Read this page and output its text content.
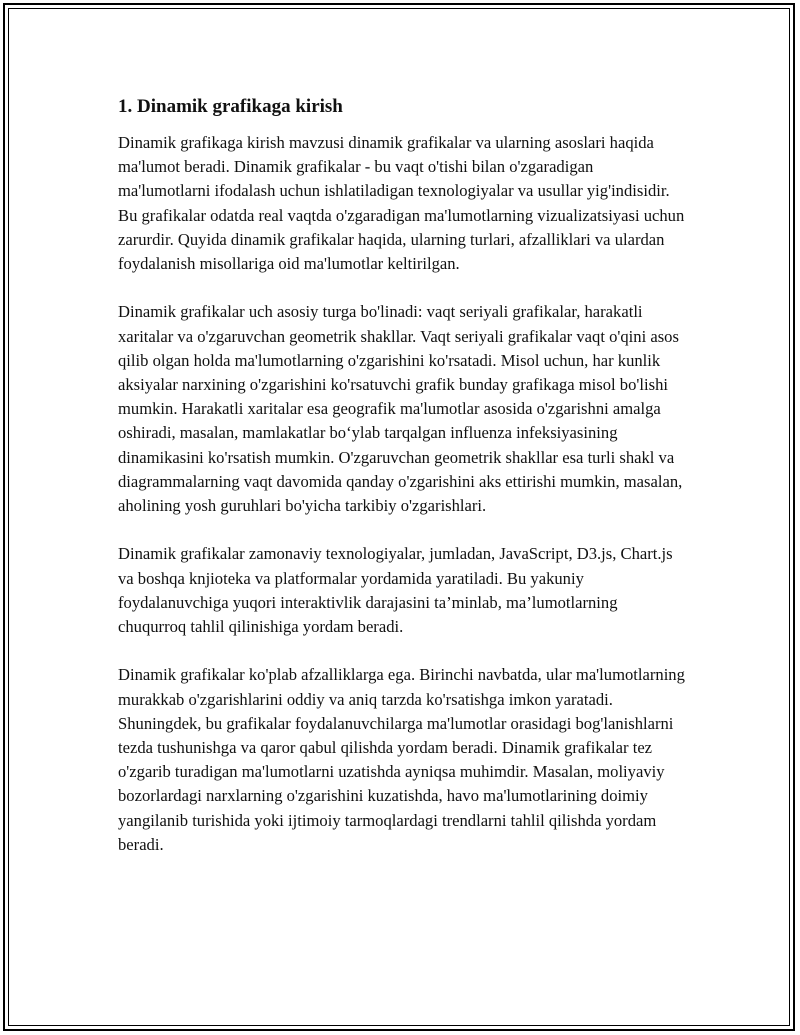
1. Dinamik grafikaga kirish

Dinamik grafikaga kirish mavzusi dinamik grafikalar va ularning asoslari haqida ma'lumot beradi. Dinamik grafikalar - bu vaqt o'tishi bilan o'zgaradigan ma'lumotlarni ifodalash uchun ishlatiladigan texnologiyalar va usullar yig'indisidir. Bu grafikalar odatda real vaqtda o'zgaradigan ma'lumotlarning vizualizatsiyasi uchun zarurdir. Quyida dinamik grafikalar haqida, ularning turlari, afzalliklari va ulardan foydalanish misollariga oid ma'lumotlar keltirilgan.

Dinamik grafikalar uch asosiy turga bo'linadi: vaqt seriyali grafikalar, harakatli xaritalar va o'zgaruvchan geometrik shakllar. Vaqt seriyali grafikalar vaqt o'qini asos qilib olgan holda ma'lumotlarning o'zgarishini ko'rsatadi. Misol uchun, har kunlik aksiyalar narxining o'zgarishini ko'rsatuvchi grafik bunday grafikaga misol bo'lishi mumkin. Harakatli xaritalar esa geografik ma'lumotlar asosida o'zgarishni amalga oshiradi, masalan, mamlakatlar bo‘ylab tarqalgan influenza infeksiyasining dinamikasini ko'rsatish mumkin. O'zgaruvchan geometrik shakllar esa turli shakl va diagrammalarning vaqt davomida qanday o'zgarishini aks ettirishi mumkin, masalan, aholining yosh guruhlari bo'yicha tarkibiy o'zgarishlari.

Dinamik grafikalar zamonaviy texnologiyalar, jumladan, JavaScript, D3.js, Chart.js va boshqa knjioteka va platformalar yordamida yaratiladi. Bu yakuniy foydalanuvchiga yuqori interaktivlik darajasini ta’minlab, ma’lumotlarning chuqurroq tahlil qilinishiga yordam beradi.

Dinamik grafikalar ko'plab afzalliklarga ega. Birinchi navbatda, ular ma'lumotlarning murakkab o'zgarishlarini oddiy va aniq tarzda ko'rsatishga imkon yaratadi. Shuningdek, bu grafikalar foydalanuvchilarga ma'lumotlar orasidagi bog'lanishlarni tezda tushunishga va qaror qabul qilishda yordam beradi. Dinamik grafikalar tez o'zgarib turadigan ma'lumotlarni uzatishda ayniqsa muhimdir. Masalan, moliyaviy bozorlardagi narxlarning o'zgarishini kuzatishda, havo ma'lumotlarining doimiy yangilanib turishida yoki ijtimoiy tarmoqlardagi trendlarni tahlil qilishda yordam beradi.
